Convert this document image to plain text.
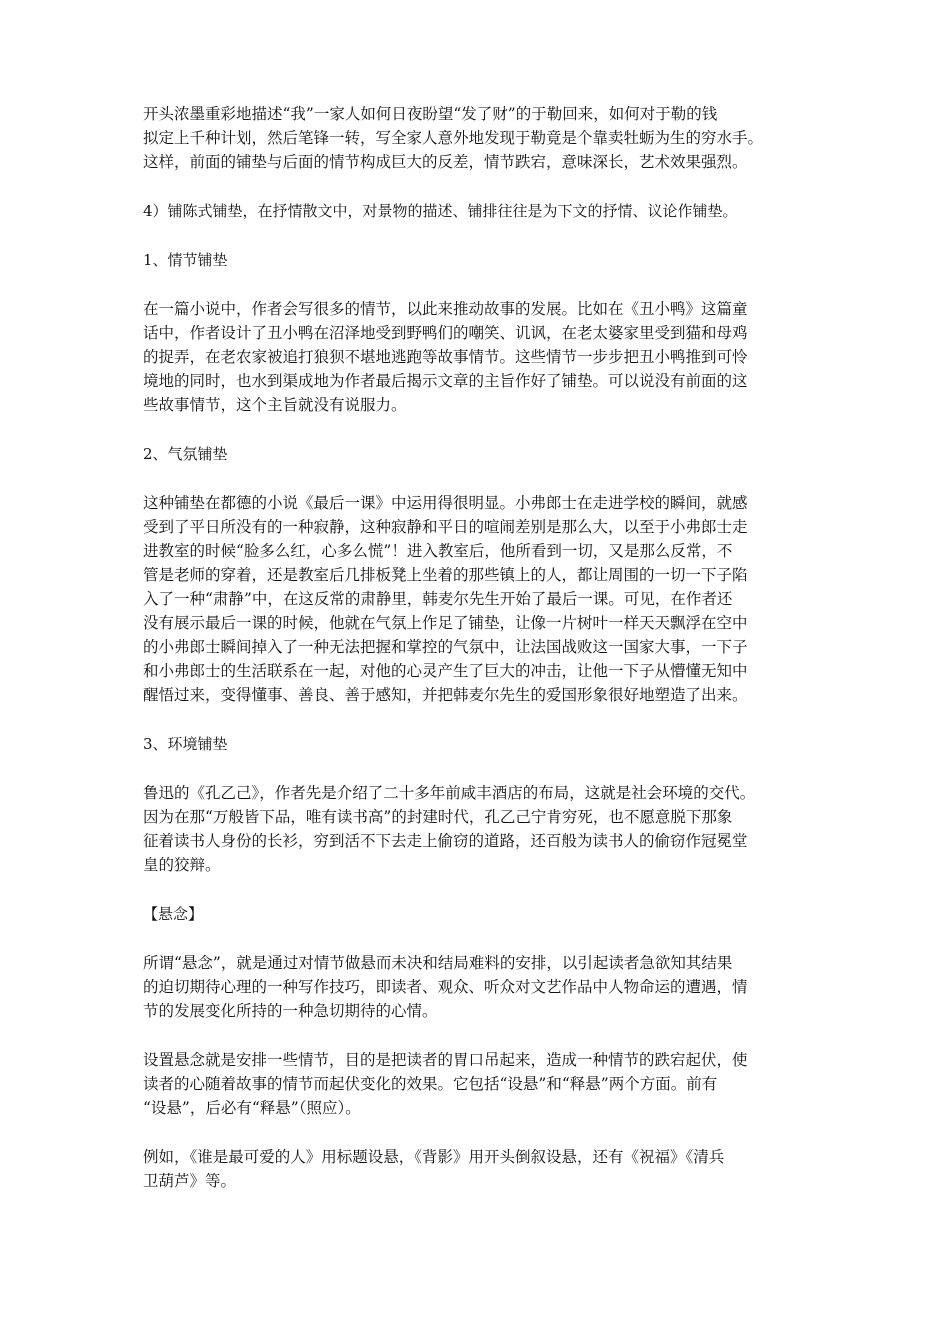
开头浓墨重彩地描述“我”一家人如何日夜盼望“发了财”的于勒回来，如何对于勒的钱
拟定上千种计划，然后笔锋一转，写全家人意外地发现于勒竟是个靠卖牡蛎为生的穷水手。
这样，前面的铺垫与后面的情节构成巨大的反差，情节跌宕，意味深长，艺术效果强烈。

4）铺陈式铺垫，在抒情散文中，对景物的描述、铺排往往是为下文的抒情、议论作铺垫。

1、情节铺垫

在一篇小说中，作者会写很多的情节，以此来推动故事的发展。比如在《丑小鸭》这篇童
话中，作者设计了丑小鸭在沼泽地受到野鸭们的嘲笑、讥讽，在老太婆家里受到猫和母鸡
的捉弄，在老农家被追打狼狈不堪地逃跑等故事情节。这些情节一步步把丑小鸭推到可怜
境地的同时，也水到渠成地为作者最后揭示文章的主旨作好了铺垫。可以说没有前面的这
些故事情节，这个主旨就没有说服力。

2、气氛铺垫

这种铺垫在都德的小说《最后一课》中运用得很明显。小弗郎士在走进学校的瞬间，就感
受到了平日所没有的一种寂静，这种寂静和平日的喧闹差别是那么大，以至于小弗郎士走
进教室的时候“脸多么红，心多么慌”！进入教室后，他所看到一切，又是那么反常，不
管是老师的穿着，还是教室后几排板凳上坐着的那些镇上的人，都让周围的一切一下子陷
入了一种“肃静”中，在这反常的肃静里，韩麦尔先生开始了最后一课。可见，在作者还
没有展示最后一课的时候，他就在气氛上作足了铺垫，让像一片树叶一样天天飘浮在空中
的小弗郎士瞬间掉入了一种无法把握和掌控的气氛中，让法国战败这一国家大事，一下子
和小弗郎士的生活联系在一起，对他的心灵产生了巨大的冲击，让他一下子从懵懂无知中
醒悟过来，变得懂事、善良、善于感知，并把韩麦尔先生的爱国形象很好地塑造了出来。

3、环境铺垫

鲁迅的《孔乙己》，作者先是介绍了二十多年前咸丰酒店的布局，这就是社会环境的交代。
因为在那“万般皆下品，唯有读书高”的封建时代，孔乙己宁肯穷死，也不愿意脱下那象
征着读书人身份的长衫，穷到活不下去走上偷窃的道路，还百般为读书人的偷窃作冠冕堂
皇的狡辩。

【悬念】

所谓“悬念”，就是通过对情节做悬而未决和结局难料的安排，以引起读者急欲知其结果
的迫切期待心理的一种写作技巧，即读者、观众、听众对文艺作品中人物命运的遭遇，情
节的发展变化所持的一种急切期待的心情。

设置悬念就是安排一些情节，目的是把读者的胃口吊起来，造成一种情节的跌宕起伏，使
读者的心随着故事的情节而起伏变化的效果。它包括“设悬”和“释悬”两个方面。前有
“设悬”，后必有“释悬”（照应）。

例如，《谁是最可爱的人》用标题设悬，《背影》用开头倒叙设悬，还有《祝福》《清兵
卫葫芦》等。
